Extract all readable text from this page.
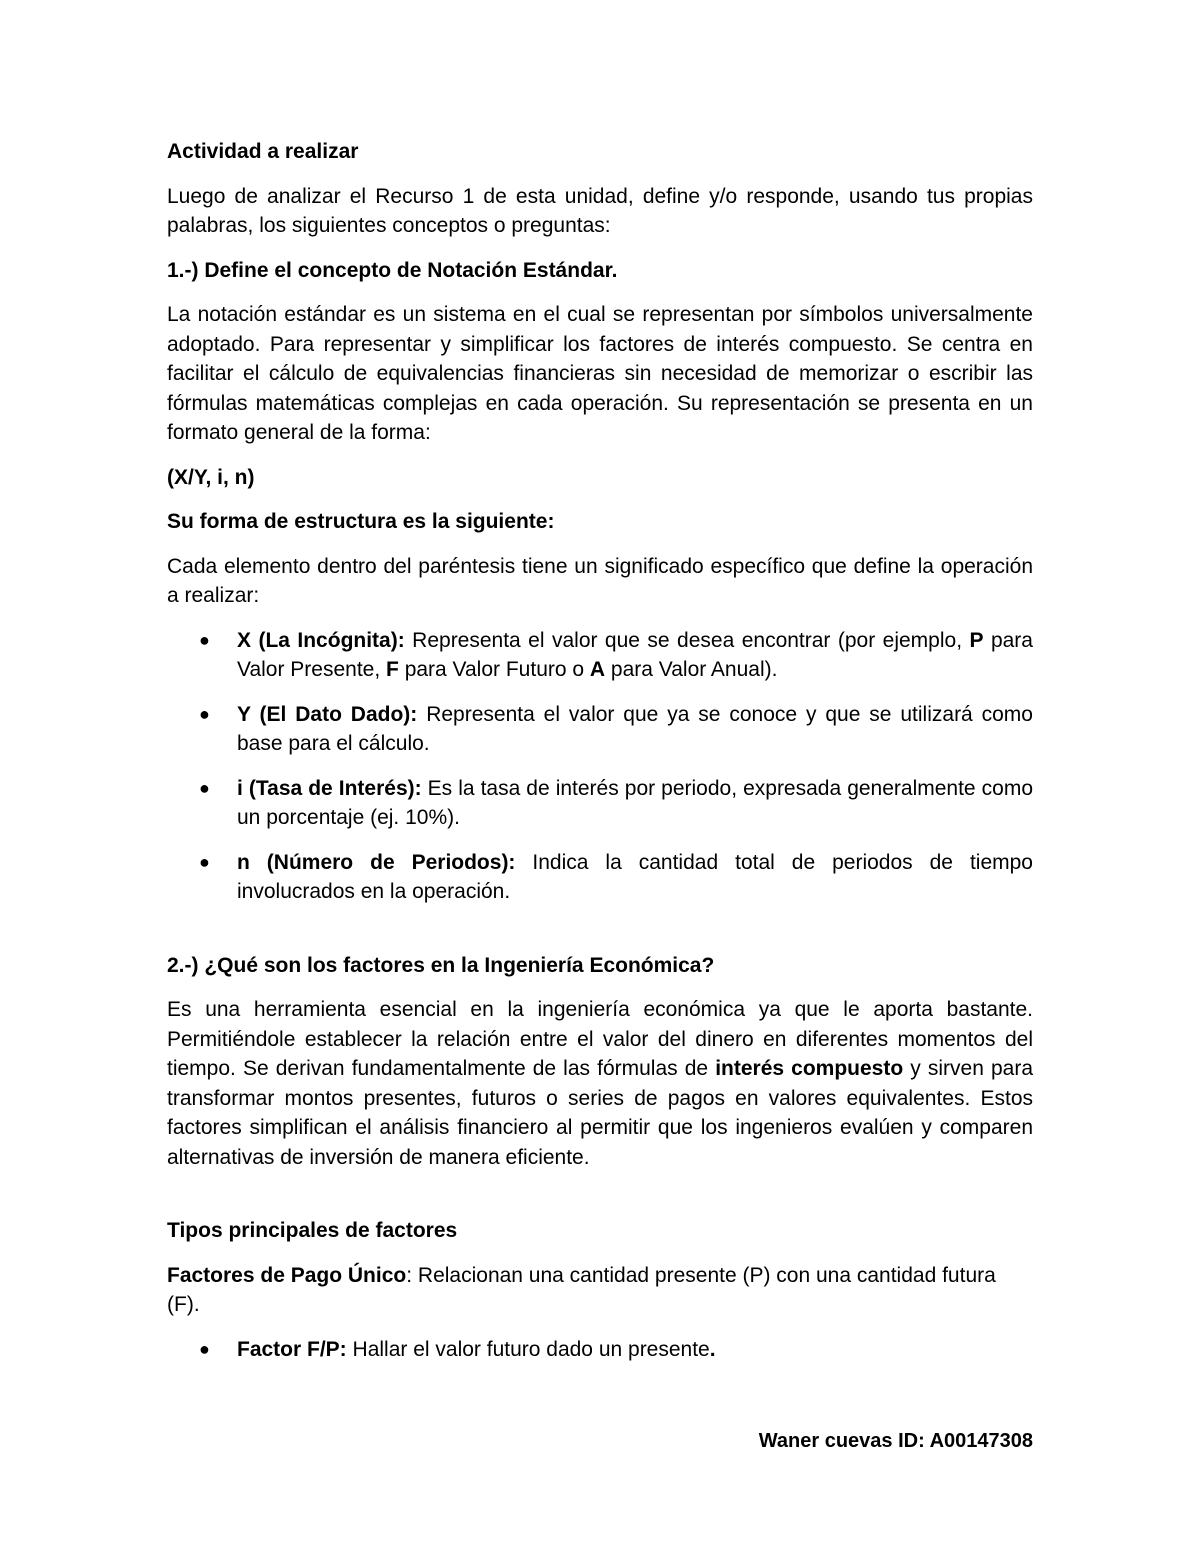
Actividad a realizar

Luego de analizar el Recurso 1 de esta unidad, define y/o responde, usando tus propias palabras, los siguientes conceptos o preguntas:

1.-) Define el concepto de Notación Estándar.

La notación estándar es un sistema en el cual se representan por símbolos universalmente adoptado. Para representar y simplificar los factores de interés compuesto. Se centra en facilitar el cálculo de equivalencias financieras sin necesidad de memorizar o escribir las fórmulas matemáticas complejas en cada operación. Su representación se presenta en un formato general de la forma:

(X/Y, i, n)

Su forma de estructura es la siguiente:

Cada elemento dentro del paréntesis tiene un significado específico que define la operación a realizar:

● X (La Incógnita): Representa el valor que se desea encontrar (por ejemplo, P para Valor Presente, F para Valor Futuro o A para Valor Anual).
● Y (El Dato Dado): Representa el valor que ya se conoce y que se utilizará como base para el cálculo.
● i (Tasa de Interés): Es la tasa de interés por periodo, expresada generalmente como un porcentaje (ej. 10%).
● n (Número de Periodos): Indica la cantidad total de periodos de tiempo involucrados en la operación.

2.-) ¿Qué son los factores en la Ingeniería Económica?

Es una herramienta esencial en la ingeniería económica ya que le aporta bastante. Permitiéndole establecer la relación entre el valor del dinero en diferentes momentos del tiempo. Se derivan fundamentalmente de las fórmulas de interés compuesto y sirven para transformar montos presentes, futuros o series de pagos en valores equivalentes. Estos factores simplifican el análisis financiero al permitir que los ingenieros evalúen y comparen alternativas de inversión de manera eficiente.

Tipos principales de factores

Factores de Pago Único: Relacionan una cantidad presente (P) con una cantidad futura (F).

● Factor F/P: Hallar el valor futuro dado un presente.
Waner cuevas ID: A00147308
